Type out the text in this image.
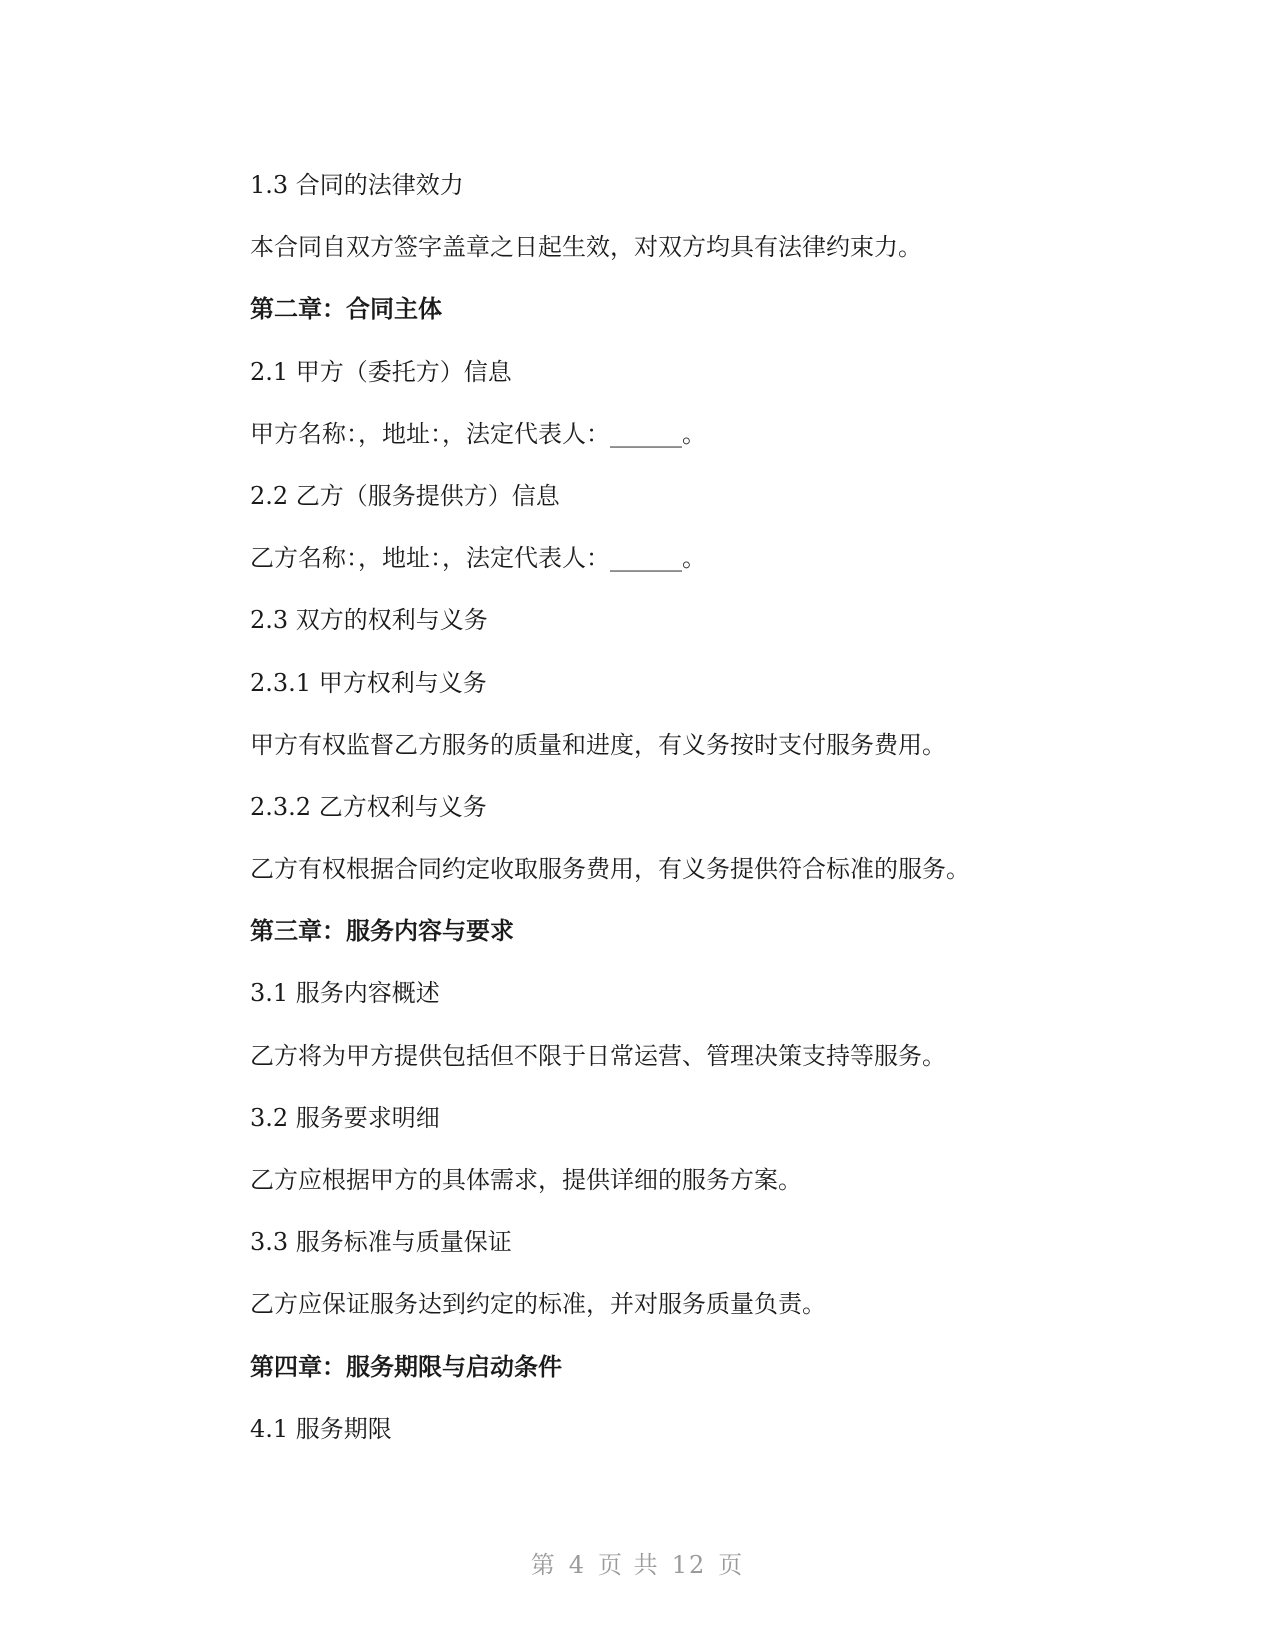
1.3 合同的法律效力
本合同自双方签字盖章之日起生效，对双方均具有法律约束力。
第二章：合同主体
2.1 甲方（委托方）信息
甲方名称：，地址：，法定代表人：______。
2.2 乙方（服务提供方）信息
乙方名称：，地址：，法定代表人：______。
2.3 双方的权利与义务
2.3.1 甲方权利与义务
甲方有权监督乙方服务的质量和进度，有义务按时支付服务费用。
2.3.2 乙方权利与义务
乙方有权根据合同约定收取服务费用，有义务提供符合标准的服务。
第三章：服务内容与要求
3.1 服务内容概述
乙方将为甲方提供包括但不限于日常运营、管理决策支持等服务。
3.2 服务要求明细
乙方应根据甲方的具体需求，提供详细的服务方案。
3.3 服务标准与质量保证
乙方应保证服务达到约定的标准，并对服务质量负责。
第四章：服务期限与启动条件
4.1 服务期限
第 4 页 共 12 页
